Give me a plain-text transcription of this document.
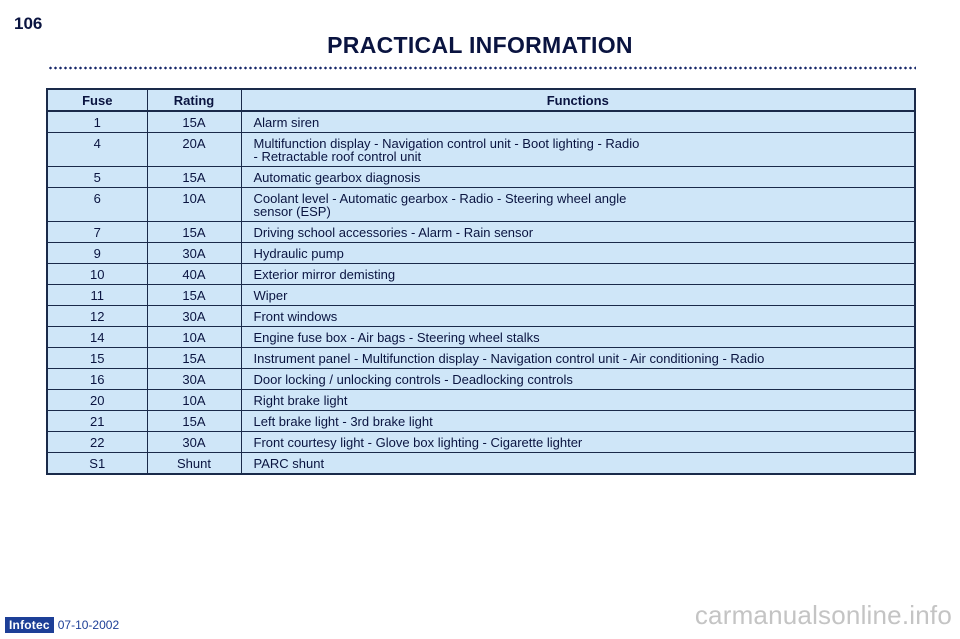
106
PRACTICAL INFORMATION
Fuse	Rating	Functions
1	15A	Alarm siren
4	20A	Multifunction display - Navigation control unit - Boot lighting - Radio
- Retractable roof control unit
5	15A	Automatic gearbox diagnosis
6	10A	Coolant level - Automatic gearbox - Radio - Steering wheel angle
sensor (ESP)
7	15A	Driving school accessories - Alarm - Rain sensor
9	30A	Hydraulic pump
10	40A	Exterior mirror demisting
11	15A	Wiper
12	30A	Front windows
14	10A	Engine fuse box - Air bags - Steering wheel stalks
15	15A	Instrument panel - Multifunction display - Navigation control unit - Air conditioning - Radio
16	30A	Door locking / unlocking controls - Deadlocking controls
20	10A	Right brake light
21	15A	Left brake light - 3rd brake light
22	30A	Front courtesy light - Glove box lighting - Cigarette lighter
S1	Shunt	PARC shunt
Infotec 07-10-2002	carmanualsonline.info
